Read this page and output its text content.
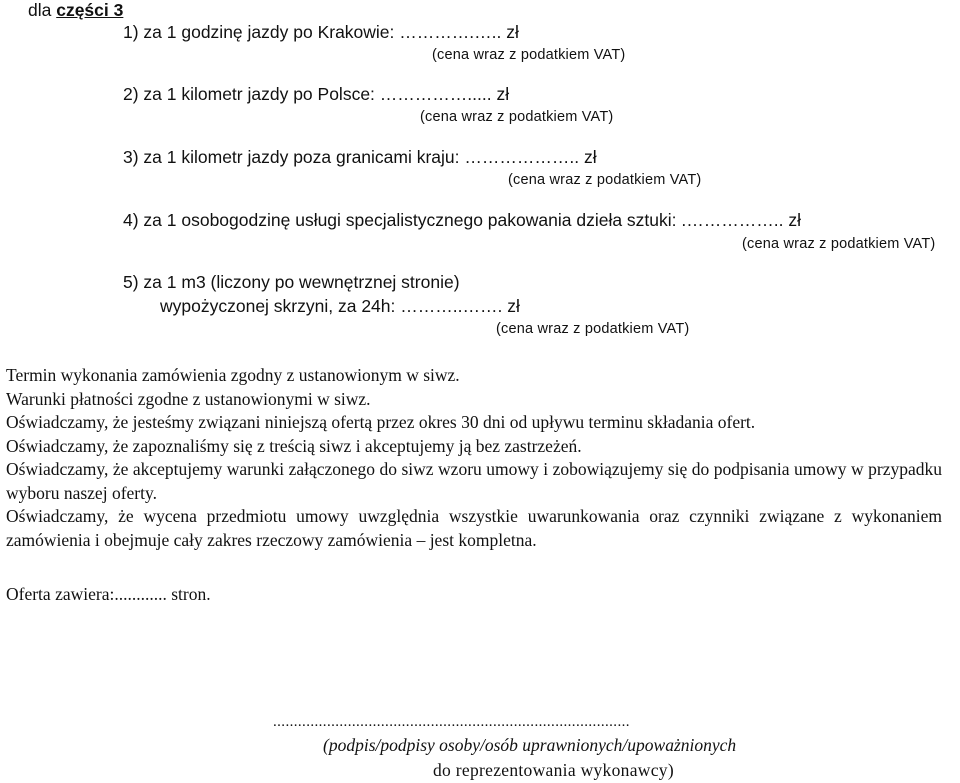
dla części 3
1) za 1 godzinę jazdy po Krakowie: ………….….. zł
(cena wraz z podatkiem VAT)
2) za 1 kilometr jazdy po Polsce: ……………..... zł
(cena wraz z podatkiem VAT)
3) za 1 kilometr jazdy poza granicami kraju: ……………….. zł
(cena wraz z podatkiem VAT)
4) za 1 osobogodzinę usługi specjalistycznego pakowania dzieła sztuki: .…………….. zł
(cena wraz z podatkiem VAT)
5) za 1 m3 (liczony po wewnętrznej stronie)
wypożyczonej skrzyni, za 24h: ………..……. zł
(cena wraz z podatkiem VAT)

Termin wykonania zamówienia zgodny z ustanowionym w siwz.

Warunki płatności zgodne z ustanowionymi w siwz.

Oświadczamy, że jesteśmy związani niniejszą ofertą przez okres 30 dni od upływu terminu składania ofert.

Oświadczamy, że zapoznaliśmy się z treścią siwz i akceptujemy ją bez zastrzeżeń.

Oświadczamy, że akceptujemy warunki załączonego do siwz wzoru umowy i zobowiązujemy się do podpisania umowy w przypadku wyboru naszej oferty.

Oświadczamy, że wycena przedmiotu umowy uwzględnia wszystkie uwarunkowania oraz czynniki związane z wykonaniem zamówienia i obejmuje cały zakres rzeczowy zamówienia – jest kompletna.

Oferta zawiera:............ stron.
......................................................................................
(podpis/podpisy osoby/osób uprawnionych/upoważnionych
do reprezentowania wykonawcy)
